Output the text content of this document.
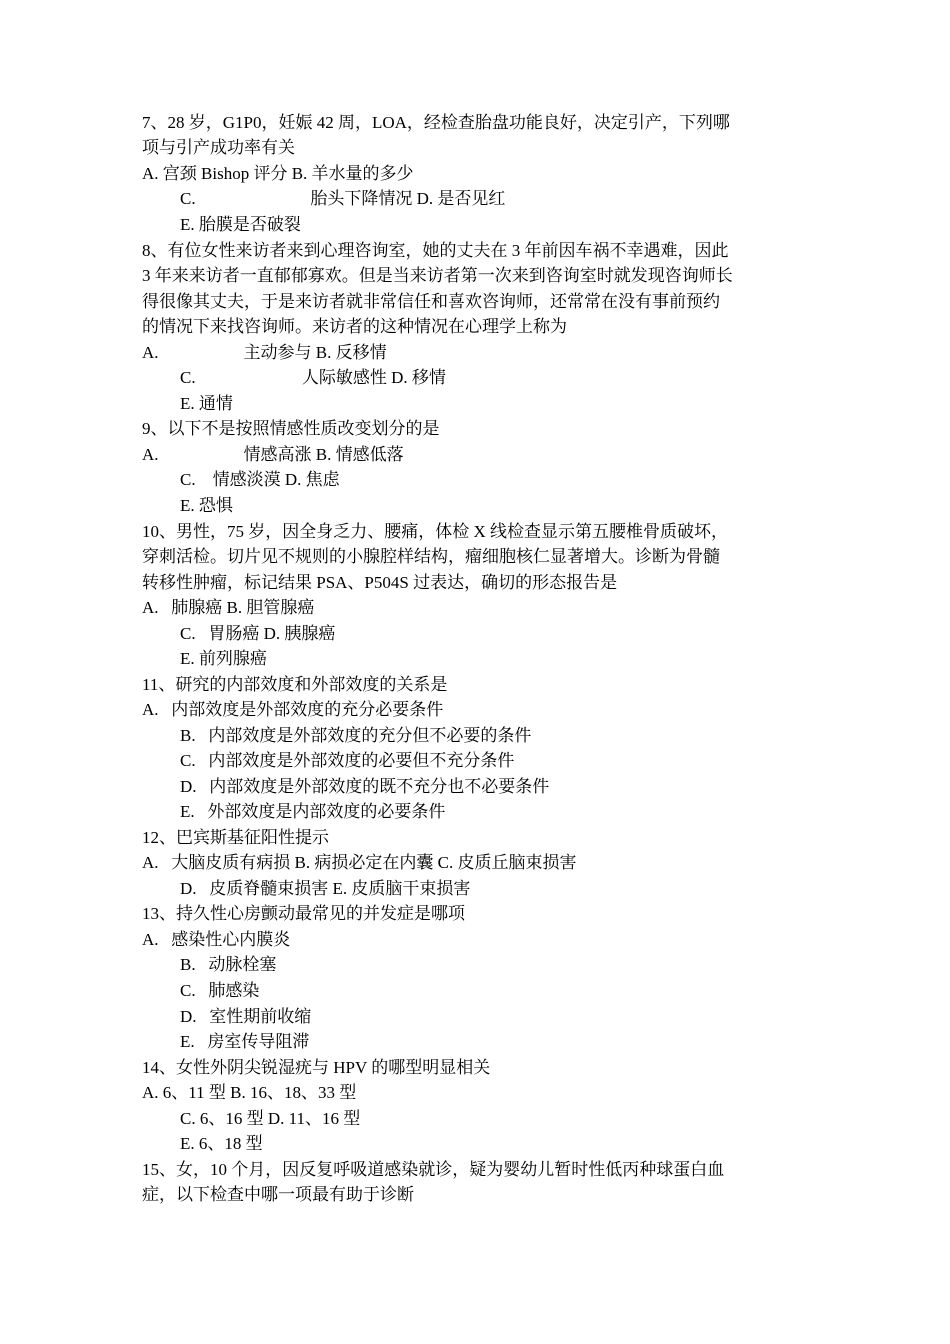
7、28 岁，G1P0，妊娠 42 周，LOA，经检查胎盘功能良好，决定引产，下列哪
项与引产成功率有关
A. 宫颈 Bishop 评分 B. 羊水量的多少
C.                           胎头下降情况 D. 是否见红
E. 胎膜是否破裂
8、有位女性来访者来到心理咨询室，她的丈夫在 3 年前因车祸不幸遇难，因此
3 年来来访者一直郁郁寡欢。但是当来访者第一次来到咨询室时就发现咨询师长
得很像其丈夫，于是来访者就非常信任和喜欢咨询师，还常常在没有事前预约
的情况下来找咨询师。来访者的这种情况在心理学上称为
A.                    主动参与 B. 反移情
C.                         人际敏感性 D. 移情
E. 通情
9、以下不是按照情感性质改变划分的是
A.                    情感高涨 B. 情感低落
C.    情感淡漠 D. 焦虑
E. 恐惧
10、男性，75 岁，因全身乏力、腰痛，体检 X 线检查显示第五腰椎骨质破坏，
穿刺活检。切片见不规则的小腺腔样结构，瘤细胞核仁显著增大。诊断为骨髓
转移性肿瘤，标记结果 PSA、P504S 过表达，确切的形态报告是
A.   肺腺癌 B. 胆管腺癌
C.   胃肠癌 D. 胰腺癌
E. 前列腺癌
11、研究的内部效度和外部效度的关系是
A.   内部效度是外部效度的充分必要条件
B.   内部效度是外部效度的充分但不必要的条件
C.   内部效度是外部效度的必要但不充分条件
D.   内部效度是外部效度的既不充分也不必要条件
E.   外部效度是内部效度的必要条件
12、巴宾斯基征阳性提示
A.   大脑皮质有病损 B. 病损必定在内囊 C. 皮质丘脑束损害
D.   皮质脊髓束损害 E. 皮质脑干束损害
13、持久性心房颤动最常见的并发症是哪项
A.   感染性心内膜炎
B.   动脉栓塞
C.   肺感染
D.   室性期前收缩
E.   房室传导阻滞
14、女性外阴尖锐湿疣与 HPV 的哪型明显相关
A. 6、11 型 B. 16、18、33 型
C. 6、16 型 D. 11、16 型
E. 6、18 型
15、女，10 个月，因反复呼吸道感染就诊，疑为婴幼儿暂时性低丙种球蛋白血
症，以下检查中哪一项最有助于诊断
